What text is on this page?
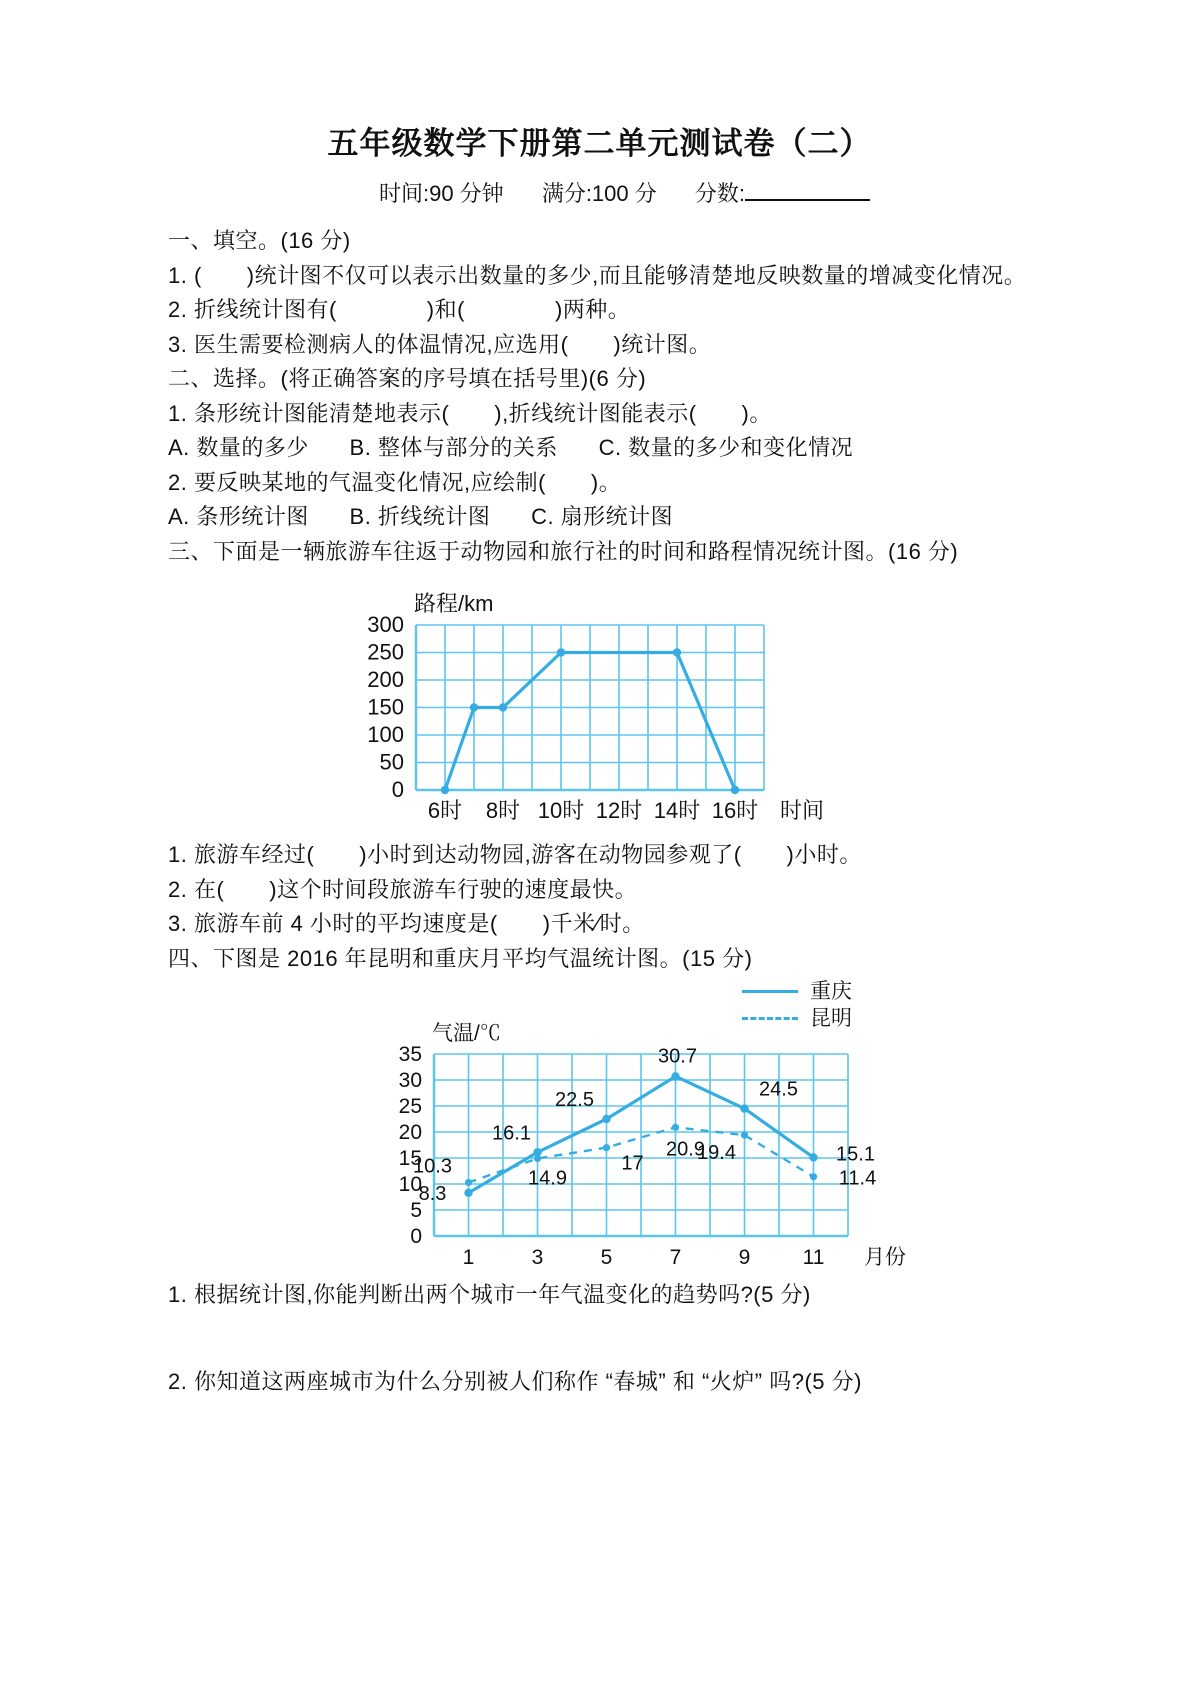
五年级数学下册第二单元测试卷（二）
时间:90 分钟 满分:100 分 分数:

一、填空。(16 分)

1. (　　)统计图不仅可以表示出数量的多少,而且能够清楚地反映数量的增减变化情况。

2. 折线统计图有(　　　　)和(　　　　)两种。

3. 医生需要检测病人的体温情况,应选用(　　)统计图。

二、选择。(将正确答案的序号填在括号里)(6 分)

1. 条形统计图能清楚地表示(　　),折线统计图能表示(　　)。

A. 数量的多少 B. 整体与部分的关系 C. 数量的多少和变化情况

2. 要反映某地的气温变化情况,应绘制(　　)。

A. 条形统计图 B. 折线统计图 C. 扇形统计图

三、下面是一辆旅游车往返于动物园和旅行社的时间和路程情况统计图。(16 分)

0
50
100
150
200
250
300
6时 8时 10时 12时 14时 16时 时间
路程/km

1. 旅游车经过(　　)小时到达动物园,游客在动物园参观了(　　)小时。

2. 在(　　)这个时间段旅游车行驶的速度最快。

3. 旅游车前 4 小时的平均速度是(　　)千米∕时。

四、下图是 2016 年昆明和重庆月平均气温统计图。(15 分)

重庆
昆明
0
5
10
15
20
25
30
35
1	3	5	7	9 11 月份
气温/℃
8.3
16.1
22.5
30.7
24.5
15.1
10.3
14.9
17
20.9
19.4
11.4

1. 根据统计图,你能判断出两个城市一年气温变化的趋势吗?(5 分)

2. 你知道这两座城市为什么分别被人们称作 “春城” 和 “火炉” 吗?(5 分)
